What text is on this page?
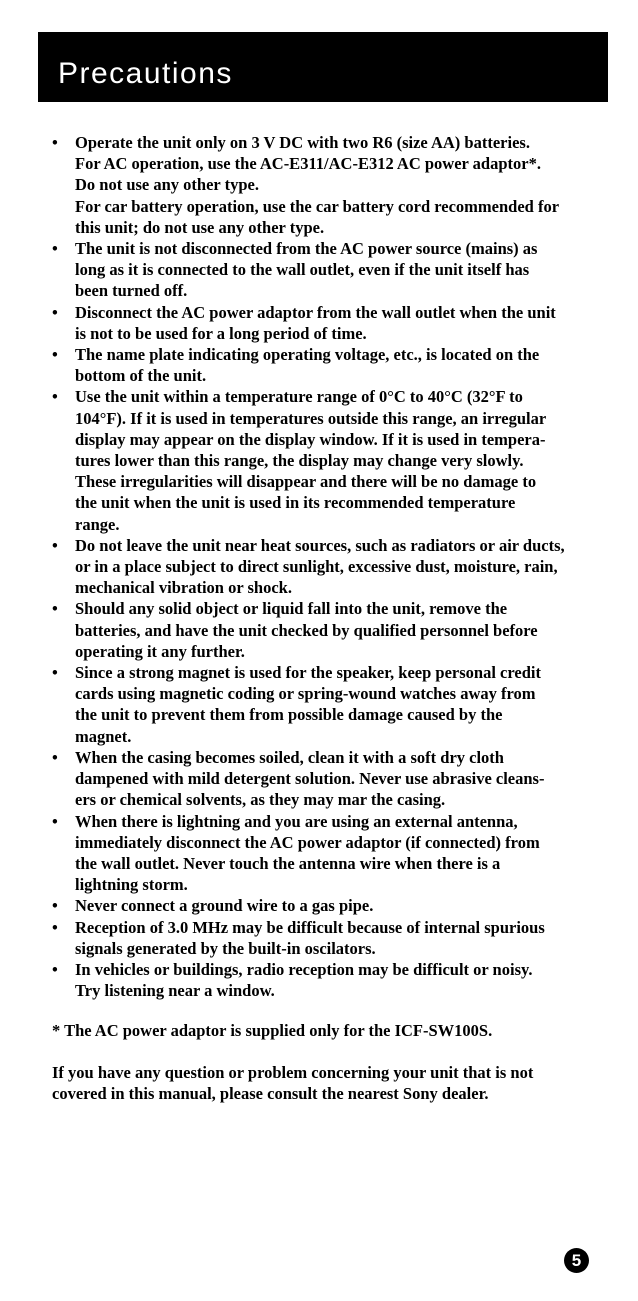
Precautions
• Operate the unit only on 3 V DC with two R6 (size AA) batteries.
For AC operation, use the AC-E311/AC-E312 AC power adaptor*.
Do not use any other type.
For car battery operation, use the car battery cord recommended for
this unit; do not use any other type.
• The unit is not disconnected from the AC power source (mains) as
long as it is connected to the wall outlet, even if the unit itself has
been turned off.
• Disconnect the AC power adaptor from the wall outlet when the unit
is not to be used for a long period of time.
• The name plate indicating operating voltage, etc., is located on the
bottom of the unit.
• Use the unit within a temperature range of 0°C to 40°C (32°F to
104°F). If it is used in temperatures outside this range, an irregular
display may appear on the display window. If it is used in tempera-
tures lower than this range, the display may change very slowly.
These irregularities will disappear and there will be no damage to
the unit when the unit is used in its recommended temperature
range.
• Do not leave the unit near heat sources, such as radiators or air ducts,
or in a place subject to direct sunlight, excessive dust, moisture, rain,
mechanical vibration or shock.
• Should any solid object or liquid fall into the unit, remove the
batteries, and have the unit checked by qualified personnel before
operating it any further.
• Since a strong magnet is used for the speaker, keep personal credit
cards using magnetic coding or spring-wound watches away from
the unit to prevent them from possible damage caused by the
magnet.
• When the casing becomes soiled, clean it with a soft dry cloth
dampened with mild detergent solution. Never use abrasive cleans-
ers or chemical solvents, as they may mar the casing.
• When there is lightning and you are using an external antenna,
immediately disconnect the AC power adaptor (if connected) from
the wall outlet. Never touch the antenna wire when there is a
lightning storm.
• Never connect a ground wire to a gas pipe.
• Reception of 3.0 MHz may be difficult because of internal spurious
signals generated by the built-in oscilators.
• In vehicles or buildings, radio reception may be difficult or noisy.
Try listening near a window.
* The AC power adaptor is supplied only for the ICF-SW100S.
If you have any question or problem concerning your unit that is not
covered in this manual, please consult the nearest Sony dealer.
5
